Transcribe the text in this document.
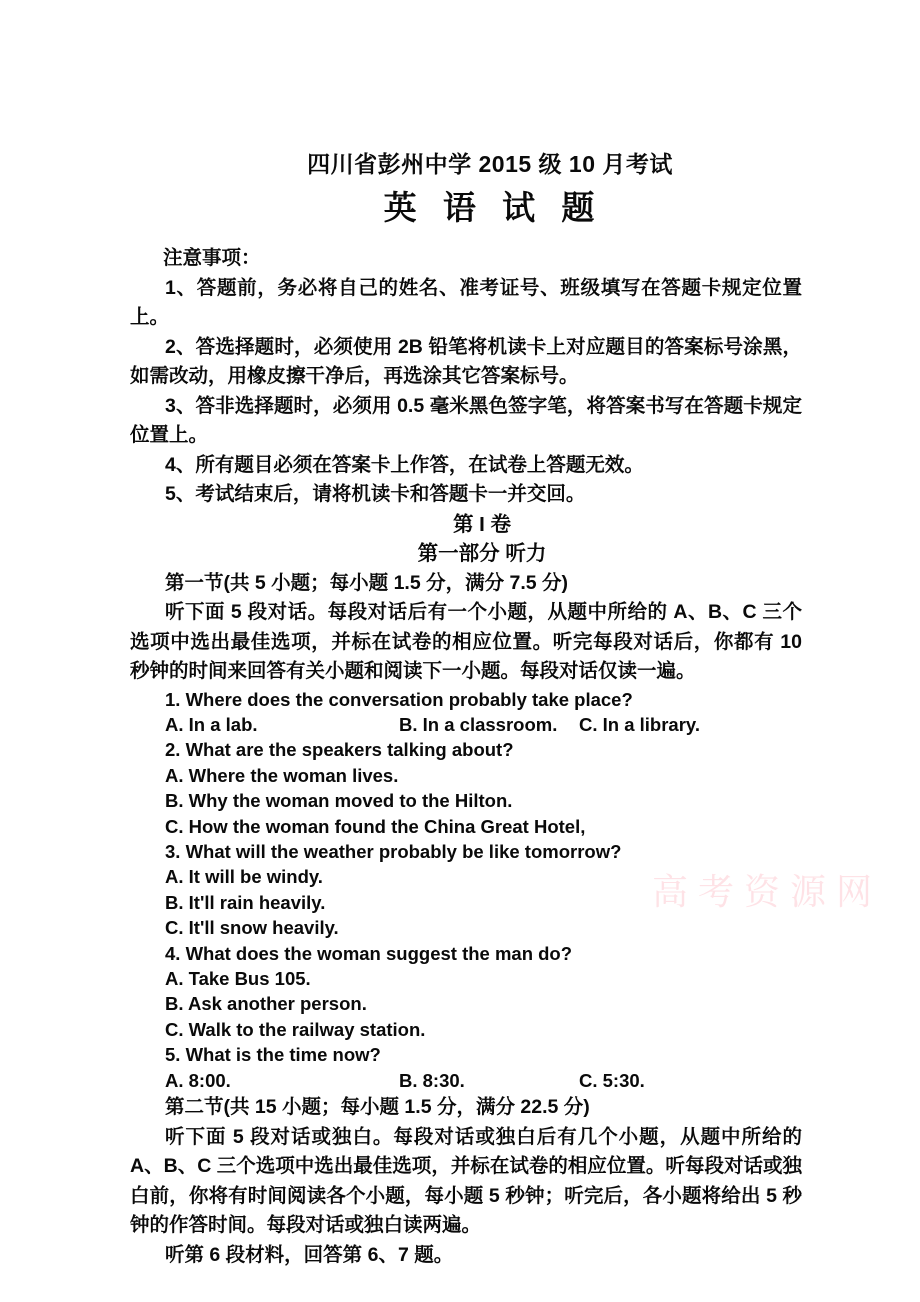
高考资源网
四川省彭州中学 2015 级 10 月考试
英 语 试 题
注意事项：
1、答题前，务必将自己的姓名、准考证号、班级填写在答题卡规定位置上。
2、答选择题时，必须使用 2B 铅笔将机读卡上对应题目的答案标号涂黑，如需改动，用橡皮擦干净后，再选涂其它答案标号。
3、答非选择题时，必须用 0.5 毫米黑色签字笔，将答案书写在答题卡规定位置上。
4、所有题目必须在答案卡上作答，在试卷上答题无效。
5、考试结束后，请将机读卡和答题卡一并交回。
第 I 卷
第一部分 听力
第一节(共 5 小题；每小题 1.5 分，满分 7.5 分)
听下面 5 段对话。每段对话后有一个小题，从题中所给的 A、B、C 三个选项中选出最佳选项，并标在试卷的相应位置。听完每段对话后，你都有 10 秒钟的时间来回答有关小题和阅读下一小题。每段对话仅读一遍。
1. Where does the conversation probably take place?
A. In a lab.	B. In a classroom. C. In a library.
2. What are the speakers talking about?
A. Where the woman lives.
B. Why the woman moved to the Hilton.
C. How the woman found the China Great Hotel,
3. What will the weather probably be like tomorrow?
A. It will be windy.
B. It'll rain heavily.
C. It'll snow heavily.
4. What does the woman suggest the man do?
A. Take Bus 105.
B. Ask another person.
C. Walk to the railway station.
5. What is the time now?
A. 8:00.	B. 8:30.	C. 5:30.
第二节(共 15 小题；每小题 1.5 分，满分 22.5 分)
听下面 5 段对话或独白。每段对话或独白后有几个小题，从题中所给的 A、B、C 三个选项中选出最佳选项，并标在试卷的相应位置。听每段对话或独白前，你将有时间阅读各个小题，每小题 5 秒钟；听完后，各小题将给出 5 秒钟的作答时间。每段对话或独白读两遍。
听第 6 段材料，回答第 6、7 题。
